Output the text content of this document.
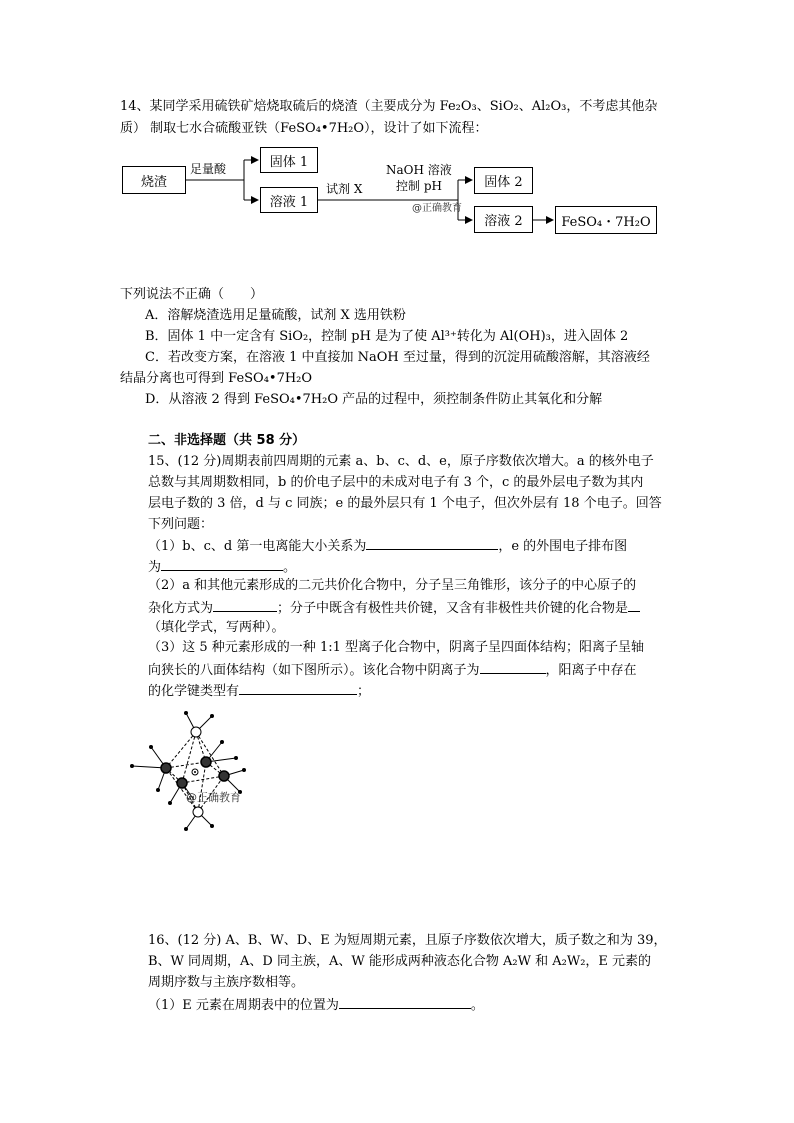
14、某同学采用硫铁矿焙烧取硫后的烧渣（主要成分为 Fe₂O₃、SiO₂、Al₂O₃，不考虑其他杂
质） 制取七水合硫酸亚铁（FeSO₄•7H₂O），设计了如下流程：
烧渣
足量酸	固体 1
溶液 1
试剂 X
NaOH 溶液
控制 pH
@正确教育
固体 2
溶液 2	FeSO₄・7H₂O
下列说法不正确（　　）
A．溶解烧渣选用足量硫酸，试剂 X 选用铁粉
B．固体 1 中一定含有 SiO₂，控制 pH 是为了使 Al³⁺转化为 Al(OH)₃，进入固体 2
C．若改变方案，在溶液 1 中直接加 NaOH 至过量，得到的沉淀用硫酸溶解，其溶液经
结晶分离也可得到 FeSO₄•7H₂O
D．从溶液 2 得到 FeSO₄•7H₂O 产品的过程中，须控制条件防止其氧化和分解
二、非选择题（共 58 分）
15、(12 分)周期表前四周期的元素 a、b、c、d、e，原子序数依次增大。a 的核外电子
总数与其周期数相同，b 的价电子层中的未成对电子有 3 个，c 的最外层电子数为其内
层电子数的 3 倍，d 与 c 同族；e 的最外层只有 1 个电子，但次外层有 18 个电子。回答
下列问题：
（1）b、c、d 第一电离能大小关系为	，e 的外围电子排布图
为	。
（2）a 和其他元素形成的二元共价化合物中，分子呈三角锥形，该分子的中心原子的
杂化方式为	；分子中既含有极性共价键，又含有非极性共价键的化合物是
（填化学式，写两种）。
（3）这 5 种元素形成的一种 1:1 型离子化合物中，阴离子呈四面体结构；阳离子呈轴
向狭长的八面体结构（如下图所示）。该化合物中阴离子为	，阳离子中存在
的化学键类型有	；
@正确教育
16、(12 分) A、B、W、D、E 为短周期元素，且原子序数依次增大，质子数之和为 39，
B、W 同周期，A、D 同主族，A、W 能形成两种液态化合物 A₂W 和 A₂W₂，E 元素的
周期序数与主族序数相等。
（1）E 元素在周期表中的位置为	。
